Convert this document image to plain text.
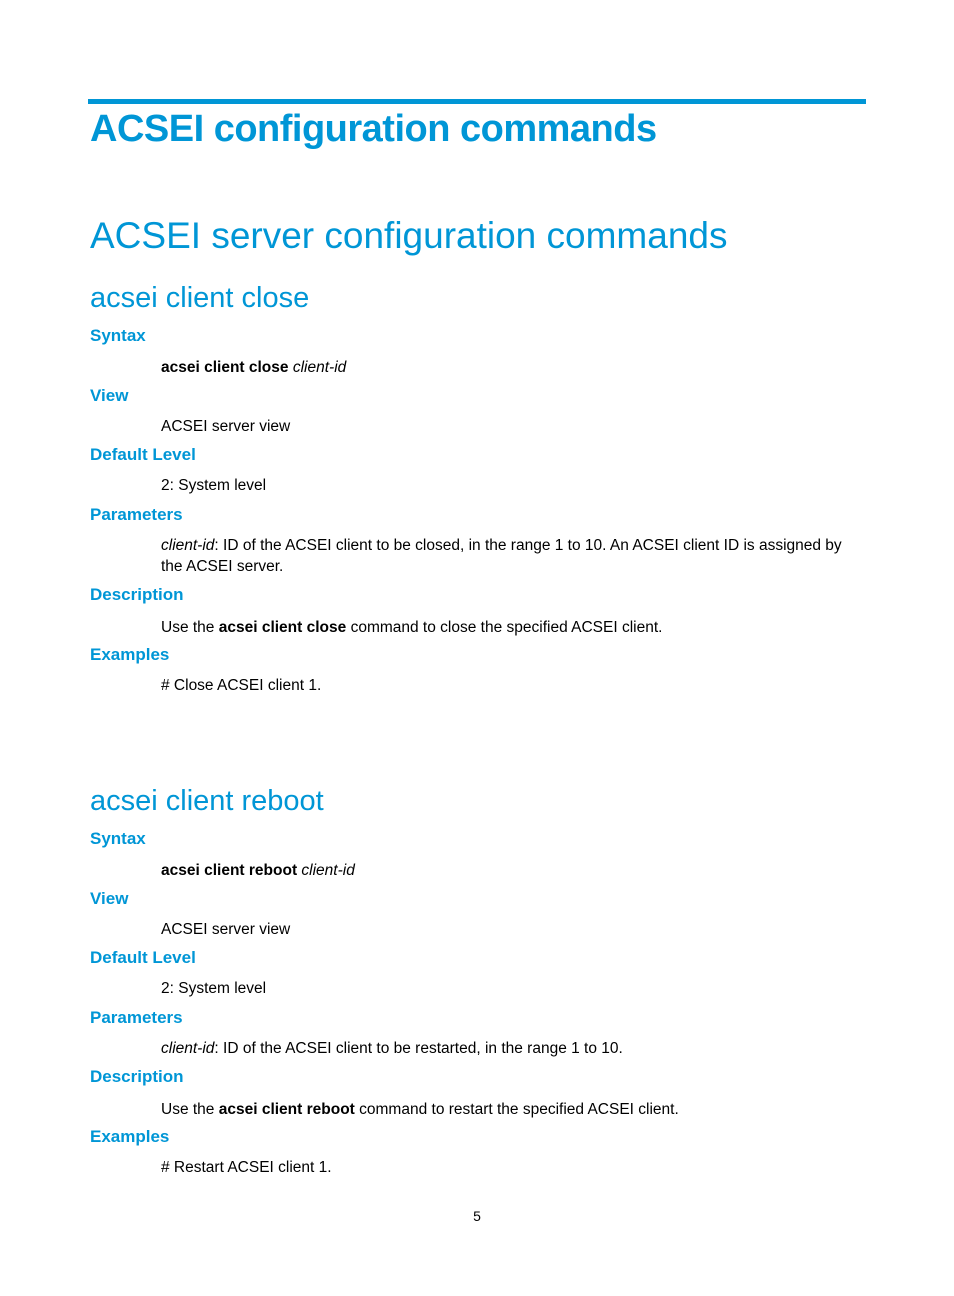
ACSEI configuration commands
ACSEI server configuration commands
acsei client close
Syntax

acsei client close client-id

View

ACSEI server view

Default Level

2: System level

Parameters

client-id: ID of the ACSEI client to be closed, in the range 1 to 10. An ACSEI client ID is assigned by the ACSEI server.

Description

Use the acsei client close command to close the specified ACSEI client.

Examples

# Close ACSEI client 1.

acsei client reboot
Syntax

acsei client reboot client-id

View

ACSEI server view

Default Level

2: System level

Parameters

client-id: ID of the ACSEI client to be restarted, in the range 1 to 10.

Description

Use the acsei client reboot command to restart the specified ACSEI client.

Examples

# Restart ACSEI client 1.

5
